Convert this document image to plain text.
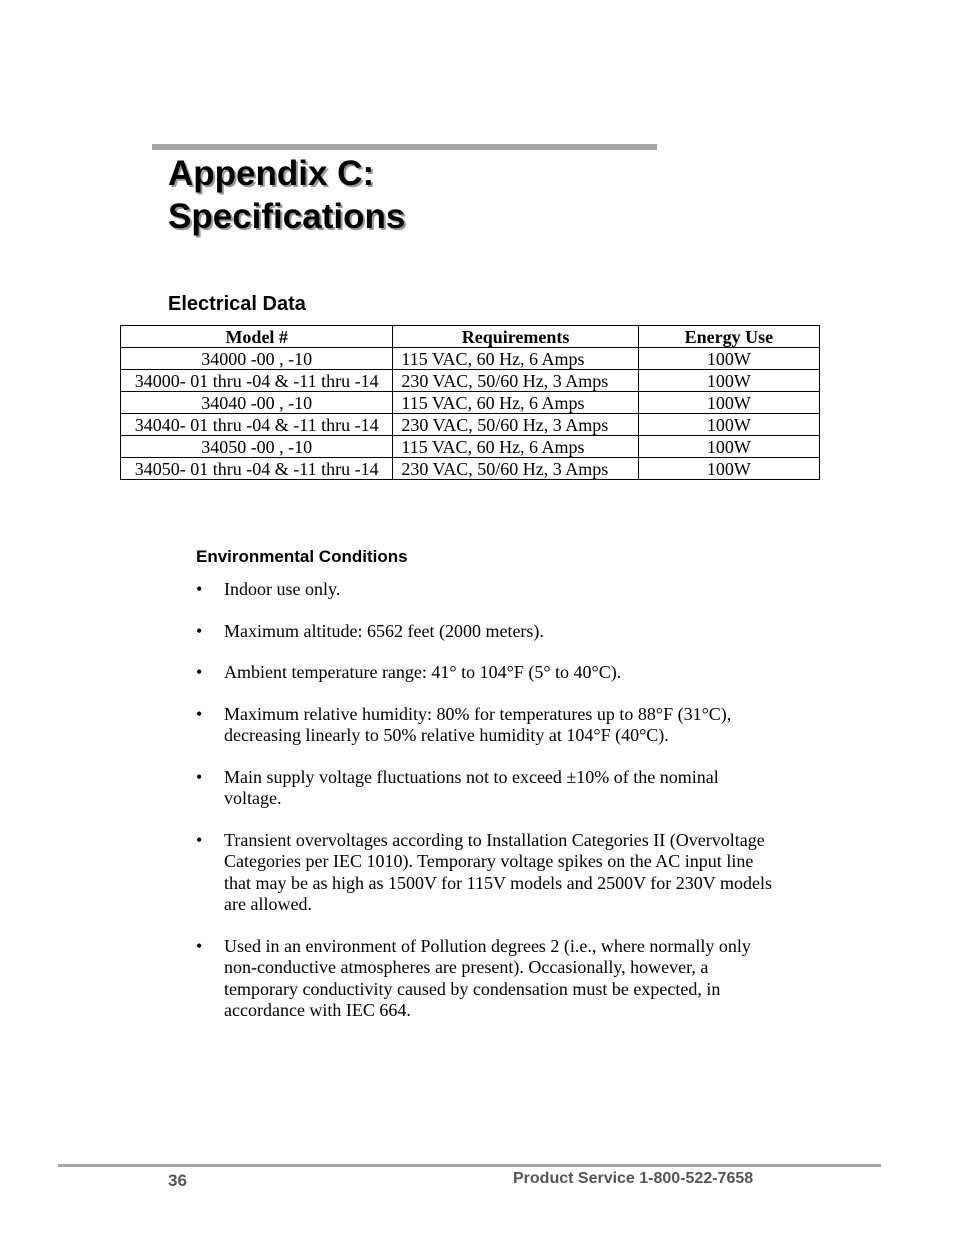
Appendix C:
Specifications
Electrical Data
Model #	Requirements	Energy Use
34000 -00 , -10	115 VAC, 60 Hz, 6 Amps	100W
34000- 01 thru -04 & -11 thru -14	230 VAC, 50/60 Hz, 3 Amps	100W
34040 -00 , -10	115 VAC, 60 Hz, 6 Amps	100W
34040- 01 thru -04 & -11 thru -14	230 VAC, 50/60 Hz, 3 Amps	100W
34050 -00 , -10	115 VAC, 60 Hz, 6 Amps	100W
34050- 01 thru -04 & -11 thru -14	230 VAC, 50/60 Hz, 3 Amps	100W
Environmental Conditions
• Indoor use only.
• Maximum altitude: 6562 feet (2000 meters).
• Ambient temperature range: 41° to 104°F (5° to 40°C).
• Maximum relative humidity: 80% for temperatures up to 88°F (31°C), decreasing linearly to 50% relative humidity at 104°F (40°C).
• Main supply voltage fluctuations not to exceed ±10% of the nominal voltage.
• Transient overvoltages according to Installation Categories II (Overvoltage Categories per IEC 1010). Temporary voltage spikes on the AC input line that may be as high as 1500V for 115V models and 2500V for 230V models are allowed.
• Used in an environment of Pollution degrees 2 (i.e., where normally only non-conductive atmospheres are present). Occasionally, however, a temporary conductivity caused by condensation must be expected, in accordance with IEC 664.
36	Product Service 1-800-522-7658
